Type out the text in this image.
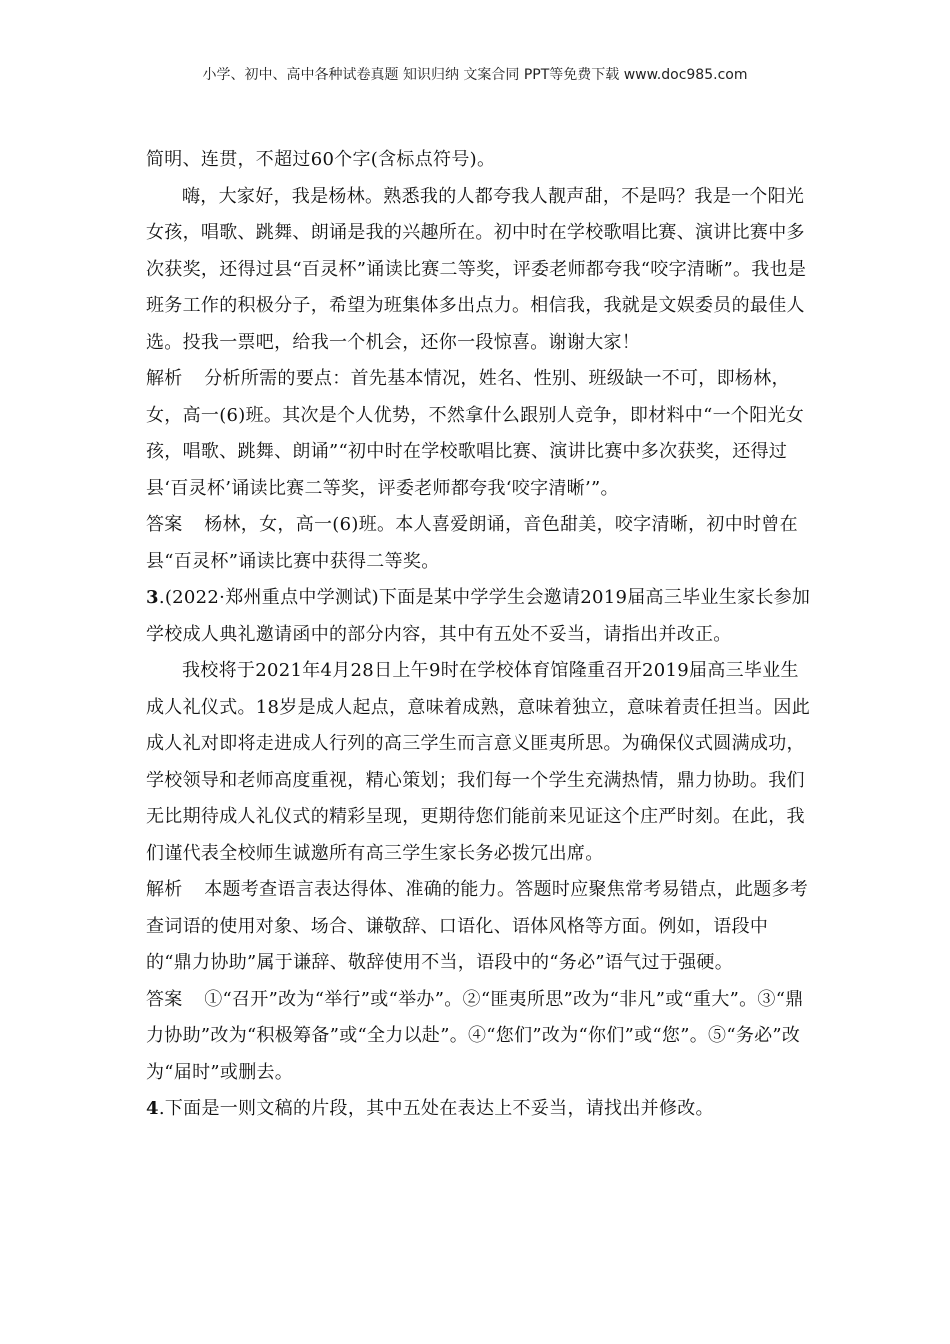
小学、初中、高中各种试卷真题 知识归纳 文案合同 PPT等免费下载 www.doc985.com

简明、连贯，不超过60个字(含标点符号)。

嗨，大家好，我是杨林。熟悉我的人都夸我人靓声甜，不是吗？我是一个阳光女孩，唱歌、跳舞、朗诵是我的兴趣所在。初中时在学校歌唱比赛、演讲比赛中多次获奖，还得过县“百灵杯”诵读比赛二等奖，评委老师都夸我“咬字清晰”。我也是班务工作的积极分子，希望为班集体多出点力。相信我，我就是文娱委员的最佳人选。投我一票吧，给我一个机会，还你一段惊喜。谢谢大家！

解析 分析所需的要点：首先基本情况，姓名、性别、班级缺一不可，即杨林，女，高一(6)班。其次是个人优势，不然拿什么跟别人竞争，即材料中“一个阳光女孩，唱歌、跳舞、朗诵”“初中时在学校歌唱比赛、演讲比赛中多次获奖，还得过县‘百灵杯’诵读比赛二等奖，评委老师都夸我‘咬字清晰’”。

答案 杨林，女，高一(6)班。本人喜爱朗诵，音色甜美，咬字清晰，初中时曾在县“百灵杯”诵读比赛中获得二等奖。

3.(2022·郑州重点中学测试)下面是某中学学生会邀请2019届高三毕业生家长参加学校成人典礼邀请函中的部分内容，其中有五处不妥当，请指出并改正。

我校将于2021年4月28日上午9时在学校体育馆隆重召开2019届高三毕业生成人礼仪式。18岁是成人起点，意味着成熟，意味着独立，意味着责任担当。因此成人礼对即将走进成人行列的高三学生而言意义匪夷所思。为确保仪式圆满成功，学校领导和老师高度重视，精心策划；我们每一个学生充满热情，鼎力协助。我们无比期待成人礼仪式的精彩呈现，更期待您们能前来见证这个庄严时刻。在此，我们谨代表全校师生诚邀所有高三学生家长务必拨冗出席。

解析 本题考查语言表达得体、准确的能力。答题时应聚焦常考易错点，此题多考查词语的使用对象、场合、谦敬辞、口语化、语体风格等方面。例如，语段中的“鼎力协助”属于谦辞、敬辞使用不当，语段中的“务必”语气过于强硬。

答案 ①“召开”改为“举行”或“举办”。②“匪夷所思”改为“非凡”或“重大”。③“鼎力协助”改为“积极筹备”或“全力以赴”。④“您们”改为“你们”或“您”。⑤“务必”改为“届时”或删去。

4.下面是一则文稿的片段，其中五处在表达上不妥当，请找出并修改。
